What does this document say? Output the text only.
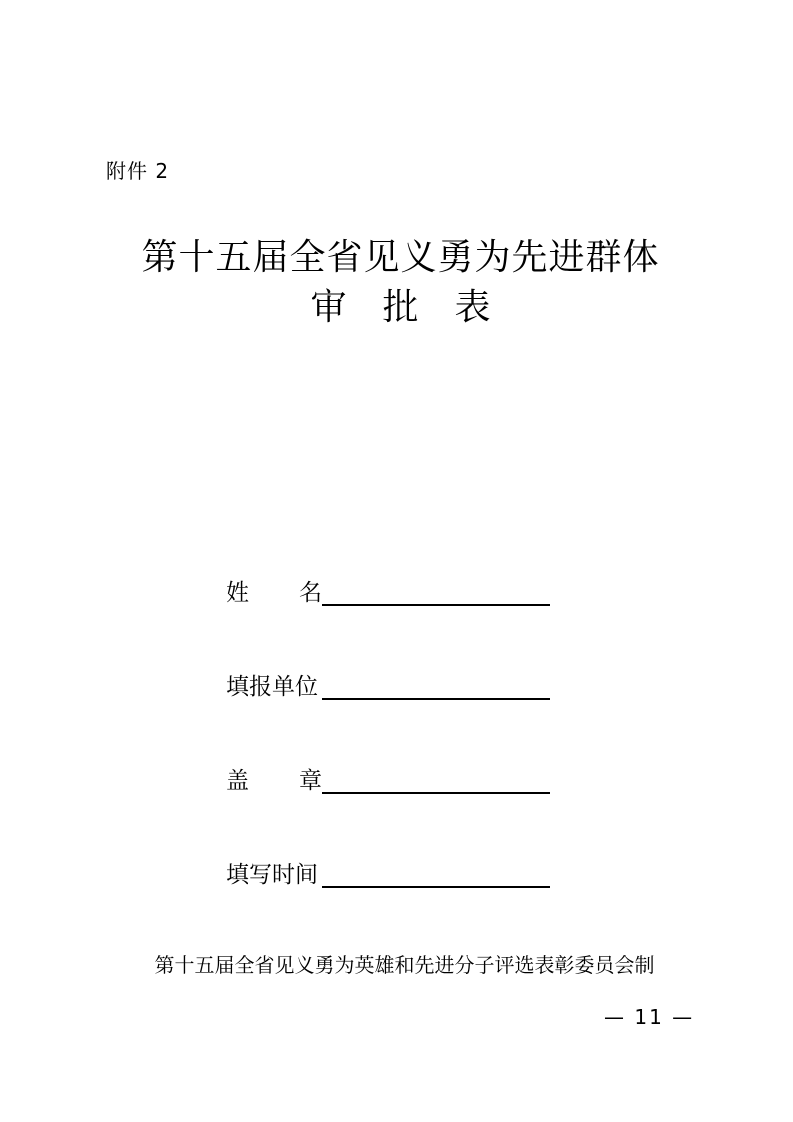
附件 2
第十五届全省见义勇为先进群体
审批表
姓 名
填报单位
盖 章
填写时间
第十五届全省见义勇为英雄和先进分子评选表彰委员会制
— 11 —
